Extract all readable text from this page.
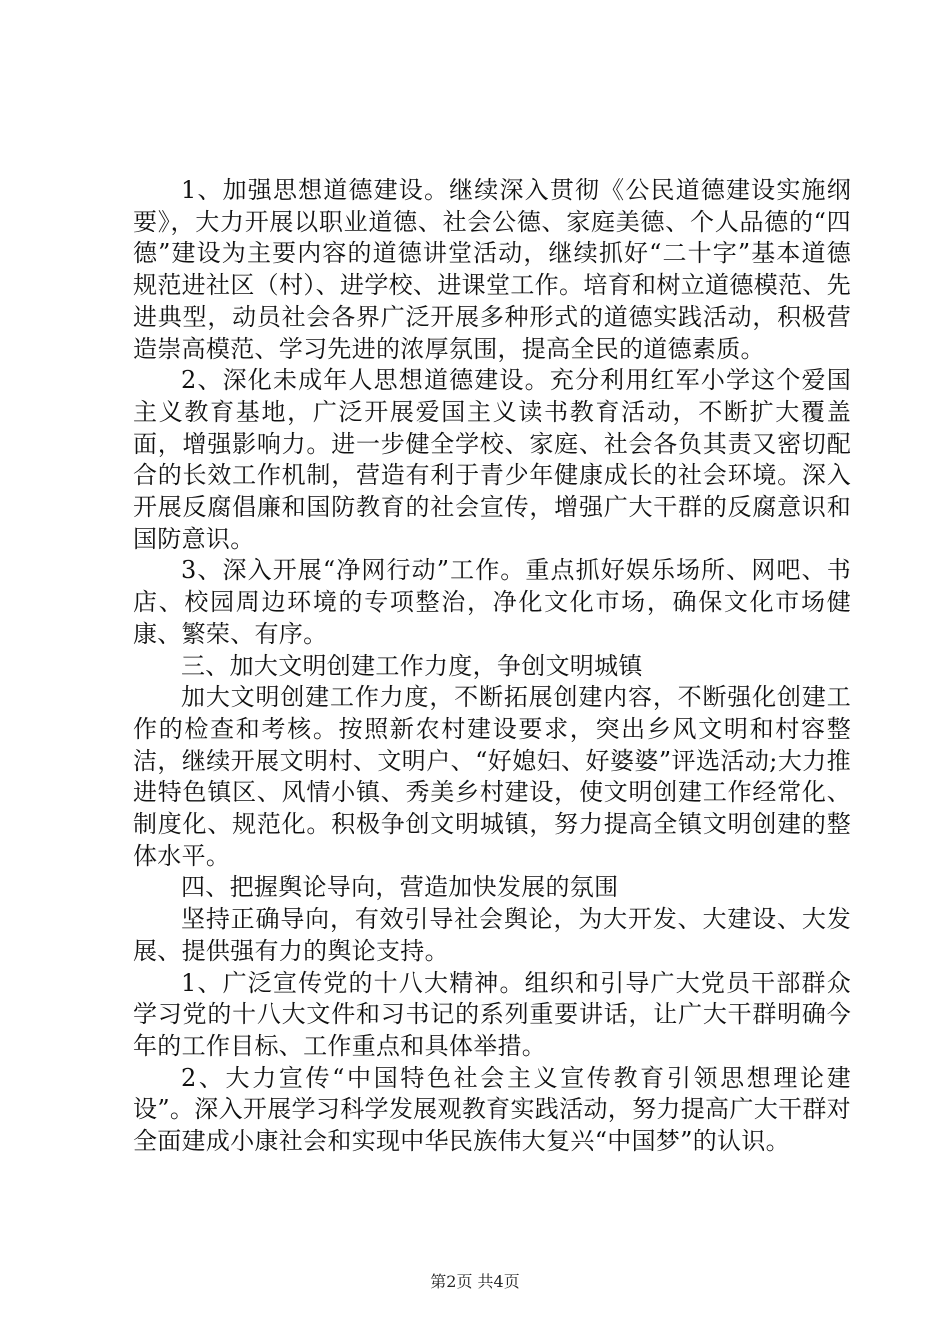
1、加强思想道德建设。继续深入贯彻《公民道德建设实施纲要》，大力开展以职业道德、社会公德、家庭美德、个人品德的“四德”建设为主要内容的道德讲堂活动，继续抓好“二十字”基本道德规范进社区（村）、进学校、进课堂工作。培育和树立道德模范、先进典型，动员社会各界广泛开展多种形式的道德实践活动，积极营造崇高模范、学习先进的浓厚氛围，提高全民的道德素质。

2、深化未成年人思想道德建设。充分利用红军小学这个爱国主义教育基地，广泛开展爱国主义读书教育活动，不断扩大覆盖面，增强影响力。进一步健全学校、家庭、社会各负其责又密切配合的长效工作机制，营造有利于青少年健康成长的社会环境。深入开展反腐倡廉和国防教育的社会宣传，增强广大干群的反腐意识和国防意识。

3、深入开展“净网行动”工作。重点抓好娱乐场所、网吧、书店、校园周边环境的专项整治，净化文化市场，确保文化市场健康、繁荣、有序。

三、加大文明创建工作力度，争创文明城镇

加大文明创建工作力度，不断拓展创建内容，不断强化创建工作的检查和考核。按照新农村建设要求，突出乡风文明和村容整洁，继续开展文明村、文明户、“好媳妇、好婆婆”评选活动;大力推进特色镇区、风情小镇、秀美乡村建设，使文明创建工作经常化、制度化、规范化。积极争创文明城镇，努力提高全镇文明创建的整体水平。

四、把握舆论导向，营造加快发展的氛围

坚持正确导向，有效引导社会舆论，为大开发、大建设、大发展、提供强有力的舆论支持。

1、广泛宣传党的十八大精神。组织和引导广大党员干部群众学习党的十八大文件和习书记的系列重要讲话，让广大干群明确今年的工作目标、工作重点和具体举措。

2、大力宣传“中国特色社会主义宣传教育引领思想理论建设”。深入开展学习科学发展观教育实践活动，努力提高广大干群对全面建成小康社会和实现中华民族伟大复兴“中国梦”的认识。

第2页 共4页
